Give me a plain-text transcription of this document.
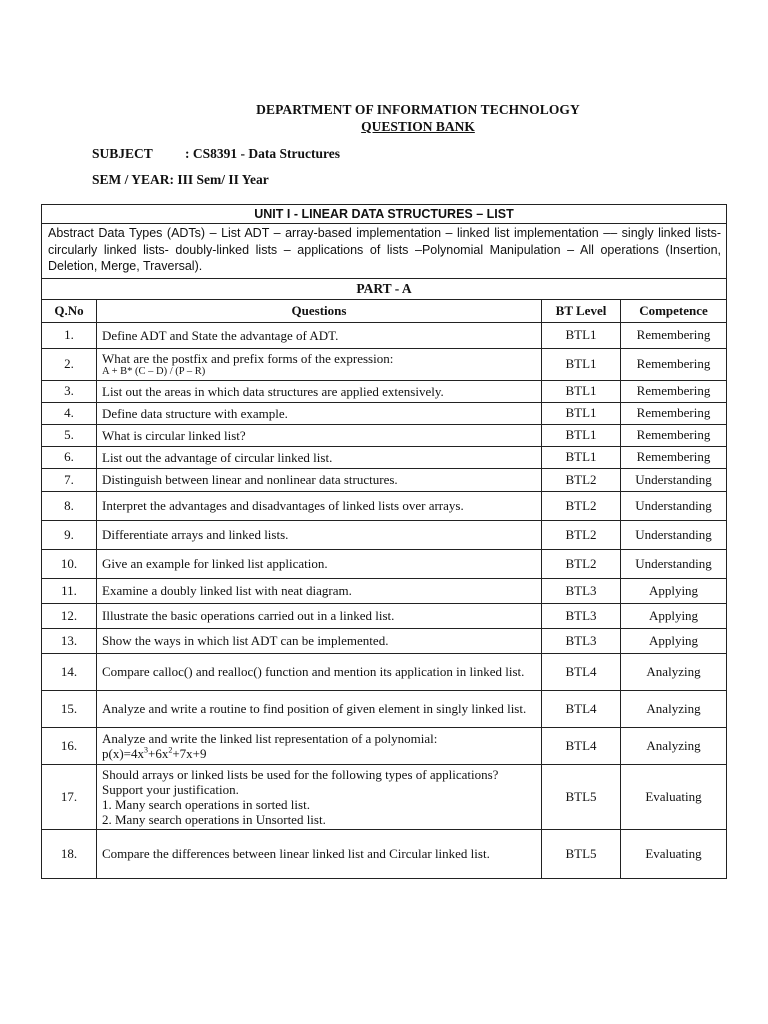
DEPARTMENT OF INFORMATION TECHNOLOGY
QUESTION BANK
SUBJECT : CS8391 - Data Structures
SEM / YEAR: III Sem/ II Year
UNIT I - LINEAR DATA STRUCTURES – LIST			
Abstract Data Types (ADTs) – List ADT – array-based implementation – linked list implementation –– singly linked lists- circularly linked lists- doubly-linked lists – applications of lists –Polynomial Manipulation – All operations (Insertion, Deletion, Merge, Traversal).			
PART - A			
Q.No	Questions	BT Level	Competence
1.	Define ADT and State the advantage of ADT.	BTL1	Remembering
2.	What are the postfix and prefix forms of the expression:
A + B* (C – D) / (P – R)	BTL1	Remembering
3.	List out the areas in which data structures are applied extensively.	BTL1	Remembering
4.	Define data structure with example.	BTL1	Remembering
5.	What is circular linked list?	BTL1	Remembering
6.	List out the advantage of circular linked list.	BTL1	Remembering
7.	Distinguish between linear and nonlinear data structures.	BTL2	Understanding
8.	Interpret the advantages and disadvantages of linked lists over arrays.	BTL2	Understanding
9.	Differentiate arrays and linked lists.	BTL2	Understanding
10.	Give an example for linked list application.	BTL2	Understanding
11.	Examine a doubly linked list with neat diagram.	BTL3	Applying
12.	Illustrate the basic operations carried out in a linked list.	BTL3	Applying
13.	Show the ways in which list ADT can be implemented.	BTL3	Applying
14.	Compare calloc() and realloc() function and mention its application in linked list.	BTL4	Analyzing
15.	Analyze and write a routine to find position of given element in singly linked list.	BTL4	Analyzing
16.	Analyze and write the linked list representation of a polynomial:
$p(x)=4x^3+6x^2+7x+9$	BTL4	Analyzing
17.	Should arrays or linked lists be used for the following types of applications? Support your justification.
1. Many search operations in sorted list.
2. Many search operations in Unsorted list.	BTL5	Evaluating
18.	Compare the differences between linear linked list and Circular linked list.	BTL5	Evaluating
